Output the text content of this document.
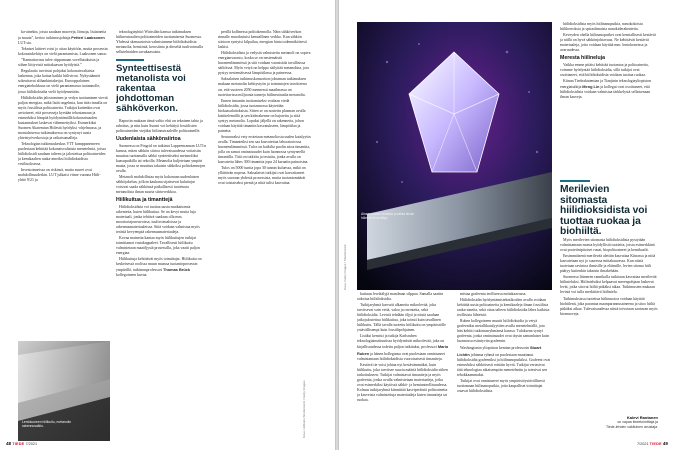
ka-ainekin, joista saadaan muoveja, liimoja, lisäaineita ja muuta”, kertoo tutkimusjohtaja Petteri Laaksonen LUT:sta.

Tekniset laitteet voisi jo ottaa käyttöön, mutta prosessin kokonaiskehitys on vielä parantamista, Laaksonen sanoo.

”Kannattavuus tulee riippumaan sovellutuksista ja siihen liittyvistä mittakaavan hyödyistä.”

Regulaatio tarvitsisi pohjaksi kokonaisvaltaista laskentaa, joka kattaa kaikki hiilivirrat. Nykysäännöt sokeuttavat alihankintaketjut. Eurooppalainen energiatehokkuus on vielä parantamassa tuotannolle, jossa hiilidioksidia vielä hyödynnetään.

Hiilidioksidin jalostaminen ja vedyn tuottaminen vievät paljon energiaa, mikä lisää ongelmia, kun tätä rinnalla on myös fossiilisia polttoaineita. Tutkijat kuitenkin ovat arvioineet, että prosesseja kyetään tehostamaan ja esimerkiksi lämpöä hyödyntämällä kokonaisuuden kustannukset laskevat vähennettyiksi. Esimerkiksi Suomen Akatemian Hiilestä hyödyksi -ohjelmassa, ja monialaisessa tutkimuksessa on syntynyt uusia yhteistyöverkostoja ja ratkaisumalleja.

Teknologian tutkimuskeskus VTT kumppaneineen puolestaan kehittää kokonaisvaltaisia menetelmiä, joissa hiilidioksidi saadaan talteen ja jalostettua polttoaineiden ja kemikaalien raaka-aineiksi hiilidioksidista vesiliuoksessa.

Investoinneissa on riskinsä, mutta suuret ovat mahdollisuudetkin. LUT julkaisi viime vuonna Hiili-yhtiö 9/21 ja

teknologiayhtiö Wärtsilän kanssa tutkimuksen hiilineutraalien polttoaineiden tuottamisesta Suomessa. Yhdessä skenaarioista valmistamme hiilidioksidista metanolia, bensiiniä, kerosiinia ja dieseliä tuulivoimalla sellutehtaiden savukaasuista.

Synteettisestä metanolista voi rakentaa johdottoman sähköverkon.

Raportin mukaan tämä valtio ehti on tekninen tahto ja rahoitus, ja niin kuin Suomi voi kehittyä fossiilisten polttoaineiden viejäksi hiilineutraaleille polttoaineille.

Uudenlaista sähkönsiirtoa

Suomessa on Fingrid on tutkinut Lappeenrannan LUT:n kanssa, miten sähkön siirtoa tulevaisuudessa voitaisiin muuttaa tuottamalla sähkö synteettiseksi metanoliksi kaasuputkilla tai rekoilla. Metanolia kuljetetaan ympäri maata, jossa se muuttuu takaisin sähköksi polttokennojen avulla.

Metanoli mahdollistaa myös kokonaan uudenlaisen sähköjakelun, jolloin kaukana sijaitsevat kuluttajat voisivat saada sähkönsä paikallisesti tuotetusta metanolista ilman suurta siirtoverkkoa.

Hiilikuitua ja timanttejä

Hiilidioksidista voi tuottaa uusia mutkattomia rakenteita, kuten hiilikuitua. Se on kevyt mutta luja materiaali, jonka tehtävä saadaan olla mm. moottoriajoneuvoissa, tuulivoimaloissa ja rakennusmateriaaleissa. Siitä voidaan valmistaa myös terästä kevyempiä rakennusmateriaaleja.

Kovaa mainetta kantaa myös hiilikuitujen tutkijat toimittamat vastakappaleet. Tavallisesti hiilikuitu valmistetaan maaöljystä prosessilla, joka vaatii paljon energiaa.

Hiilikuituja kehittävät myös toimittajat. Hiilikuitu on keskeisessä roolissa muun muassa tuotantoprosessin ympärillä, tutkimusprofessori Thomas Brück kollegoineen kuvaa.

perillä kollmessa polttokennolla. Näin sähköverkon rinnalle muodostuisi kemiallinen verkko. Kun sähkön siirtoon syntyisi kilpailua, energian hinta todennäköisesti laskisi.

Hiilidioksidista ja vedystä valmistettu metanoli on sopiva energianvarasto, koska se on nestemäistä huoneenlämmössä ja sitä voidaan varastoida tavallisissa säiliöissä. Myös vetyä on helppo säilyttää metanolina, jota pystyy nestemäisessä lämpötilassa ja paineessa.

Saksalaisen tutkimuskonsortion johtaman tutkimuksen mukaan metanolin kehitystyön ja toimintojen tavoitteena on, että vuoteen 2050 mennessä maailmassa on tuotettavissa miljoonia tonneja hiilineutraalia metanolia.

Ennen timantin tuottamiseksi voidaan viedä hiilidioksidia, jossa tuotannossa käytetään biokaasulaitoksista. Sitten se on nostettu plasman avulla käsittelemällä ja sen kiderakenne on hajotettu ja siitä syntyy metanolia. Lopuksi jäljellä on rakennetta, johon voidaan käyttää timantin kasvatukseen, lämpötilaa ja painetta.

Seuraavaksi vety erotetaan metanoliosta uuden katalyytin avulla. Timanteiksi sen saa kasvatettua laboratoriossa huoneenlämmössä. Tulos on kaikilta puolin aitoa timanttia, jolla on samat ominaisuudet kuin luonnossa syntyneellä timantilla. Tätä on tutkittu ja testattu, jonka avulla on kasvatettu lähes 300 timanttia jopa 24 karaatin painoisina.

Tulos on 5000 tuntia jopa 30 tunnin kuluessa, mikä on yllättävän nopeaa. Saksalaiset tutkijat ovat kasvattaneet myös suoraan yhdestä prosessista, mutta tuotantomäärät ovat toistaiseksi pieniä ja niitä tulisi kasvattaa.

Lentokoneen hiilikuitu, metanolin rakennusalkio.	Kuva: Hiilikuitu Shutterstock / Getty Images
48 TIEDE 7/2021
Aineen kaksi erilaista puoltaa ilman hiilestä timantteja.
Kuva: Getty Images / Shutterstock

kuituun lewikälyjä maailman silppua. Samalla saatiin sidottua hiilidioksidia.

Tutkijaryhmä karvatti alkaneita mikrolevää, joka tarvitsevat vain vettä, valoa ja ravinteita, sekä hiilidioksidia. Levistä tehdään öljyä ja niistä saadaan jatkojalostettua hiilikuitua, joka toimii kuin tavallinen hiilikuitu. Tällä tavalla tuotettu hiilikuitu on ympäristölle ystävällisempi kuin fossiilipohjainen.

Lisäksi kemisti ja tutkija Karlsruhen teknologiainstituutissa hyödyntävät mikrolevää, joka on kirjallisuudessa todettu paljon tutkituksi, professori Mario Ruben ja hänen kollegansa ovat puolestaan onnistuneet valmistamaan hiilidioksidista vuoroisaisesti timantteja.

Kestävä tie voisi johtaa nyt kestävämmäksi, kuin hiilikuitu, joka tarvitsee suuria määriä hiilidioksidia siihen tarkoitukseen. Tutkijat valmistavat timantteja ja myös grafeenia, jonka avulla valmistetaan materiaaleja, jotka ovat esimerkiksi käytössä sähkö- ja kemianteollisuudessa. Kolmas tutkijaryhmä kiinnittää kasviperäisiä polttoaineita ja kasveista valmistettuja materiaaleja kuten timantteja tai ruokaa.

mistaa grafeenia teollisessa mittakaavassa.

Hiilidioksidin hyödyntämistekniikoiden avulla voidaan kehittää uusia polttoaineita ja kemikaaleja ilman fossiilisia raaka-aineita, sekä ottaa talteen hiilidioksidia lähes kaikista teollisista lähteistä.

Ruben kollegoineen muutti hiilidioksidia ja vetyä grafeeniksi metallikatalyyttien avulla menetelmällä, jota hän kehitti tutkimusryhmänsä kanssa. Tuloksena syntyi grafeenia, jonka ominaisuudet ovat täysin samanlaiset kuin luonnossa esiintyvän grafeenin.

Washingtonin yliopiston kemian professorin Stuart Lichtin johtama ryhmä on puolestaan muuttanut hiilidioksidia grafeeniksi ja hiilinanoputkiksi. Grafeeni ovat esimerkiksi sähköisesti erittäin hyviä. Tutkijat vertasivat tätä teknologiaa aikaisempiin menetelmiin ja totesivat sen tehokkaammaksi.

Tutkijat ovat onnistuneet myös ympäristöystävällisesti tuottamaan hiilinanoputkia, joita kaupalliset toimittajat ostavat hiilidioksidista.

hiilidioksidista myös hiilinanoputkia, nanokokoisia hiilikerroksia ja spiraalimaisia nanokiderakenteita.

Keveyden ohella hiilinanoputket ovat kemiallisesti kestäviä ja niillä on hyvä sähkönjohtavuus. Ne kehittävät kestäviä materiaaleja, joita voidaan käyttää mm. lentokoneissa ja avaruudessa.

Meresta hiilineluja

Vaikka emme pitäisi kehittää tuotantoa ja polttoaineita, voimme hyödyntää hiilidioksidia, sillä tutkijat ovat osoittaneet, että hiilidioksidista voidaan tuottaa ruokaa.

Kiinan Tiedeakatemian ja Tianjinin teknologiayliopiston energiatutkija Meng Lin ja kollegat ovat osoittaneet, että hiilidioksidista voidaan valmistaa tärkkelystä sellaisenaan ilman kasveja.

Merilevien sitomasta hiilidioksidista voi tuottaa ruokaa ja biohiiltä.

Myös merilevien sitomasta hiilidioksidista pystytään valmistamaan monia hyödyllisiä tuotteita, joista esimerkkinä ovat proteiinipitoiset ruuat, biopolttoaineet ja kemikaalit.

Ensimmäisenä merilevää alettiin kasvattaa Kiinassa ja niitä kasvatetaan nyt jo suuressa mittakaavassa. Kun niistä tuotetaan ravintoa ihmisille ja eläimille, levien sitoma hiili päätyy kuitenkin takaisin ilmakehään.

Suomessa Itämeren rannikolla tutkitaan kasvattaa merilevää hiilinieluksi. Hiilinieluiksi kelpaavat merenpohjaan laskevat levät, jotka sitovat hiiltä pitkäksi aikaa. Tutkimusten mukaan levistä voi tulla merkittävä hiilinielu.

Tutkimuksissa tuotettua hiilimuotoa voidaan käyttää biohiilenä, joka parantaa maanparannusaineena ja sitoo hiiltä pitkäksi aikaa. Tulevaisuudessa niistä toivotaan saatavan myös biomuoveja.

Kalevi Rantanen
on vapaa tiedetoimittaja ja
Tiede-lehden vakituinen avustaja.
7/2021 TIEDE 49
